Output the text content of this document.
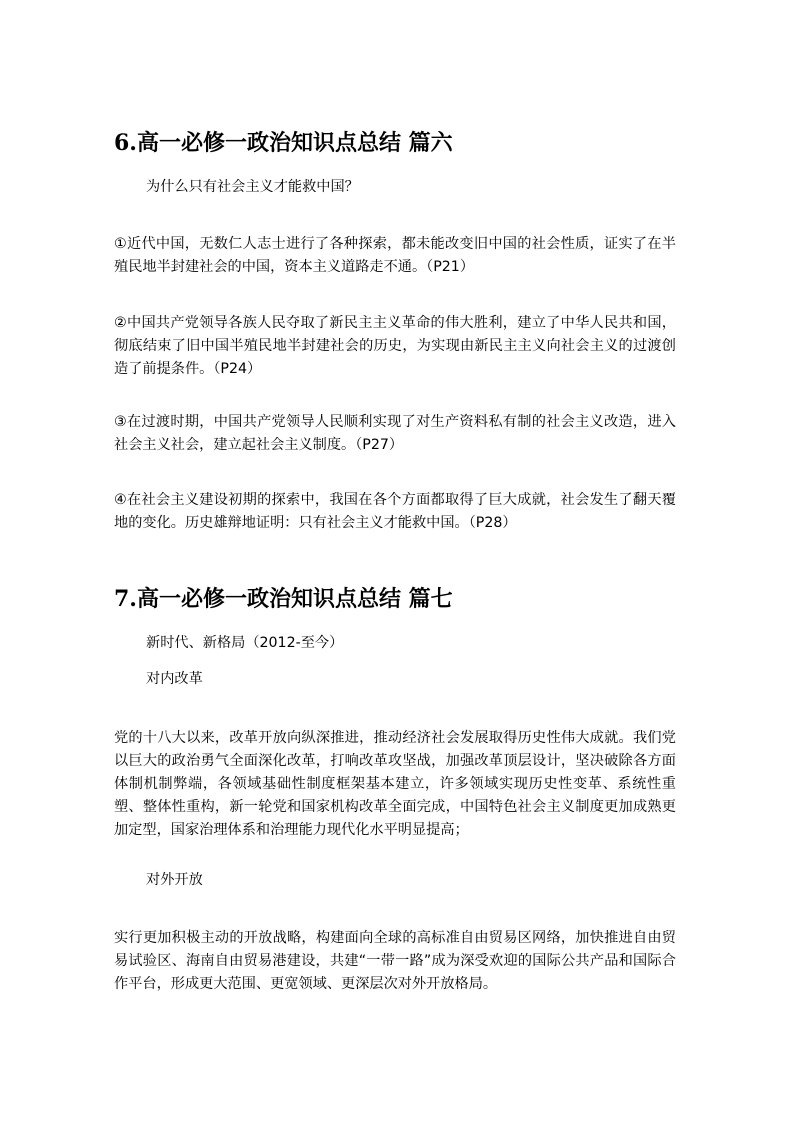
6.高一必修一政治知识点总结 篇六

为什么只有社会主义才能救中国？

①近代中国，无数仁人志士进行了各种探索，都未能改变旧中国的社会性质，证实了在半殖民地半封建社会的中国，资本主义道路走不通。（P21）

②中国共产党领导各族人民夺取了新民主主义革命的伟大胜利，建立了中华人民共和国，彻底结束了旧中国半殖民地半封建社会的历史，为实现由新民主主义向社会主义的过渡创造了前提条件。（P24）

③在过渡时期，中国共产党领导人民顺利实现了对生产资料私有制的社会主义改造，进入社会主义社会，建立起社会主义制度。（P27）

④在社会主义建设初期的探索中，我国在各个方面都取得了巨大成就，社会发生了翻天覆地的变化。历史雄辩地证明：只有社会主义才能救中国。（P28）

7.高一必修一政治知识点总结 篇七

新时代、新格局（2012-至今）

对内改革

党的十八大以来，改革开放向纵深推进，推动经济社会发展取得历史性伟大成就。我们党以巨大的政治勇气全面深化改革，打响改革攻坚战，加强改革顶层设计，坚决破除各方面体制机制弊端，各领域基础性制度框架基本建立，许多领域实现历史性变革、系统性重塑、整体性重构，新一轮党和国家机构改革全面完成，中国特色社会主义制度更加成熟更加定型，国家治理体系和治理能力现代化水平明显提高；

对外开放

实行更加积极主动的开放战略，构建面向全球的高标准自由贸易区网络，加快推进自由贸易试验区、海南自由贸易港建设，共建“一带一路”成为深受欢迎的国际公共产品和国际合作平台，形成更大范围、更宽领域、更深层次对外开放格局。
